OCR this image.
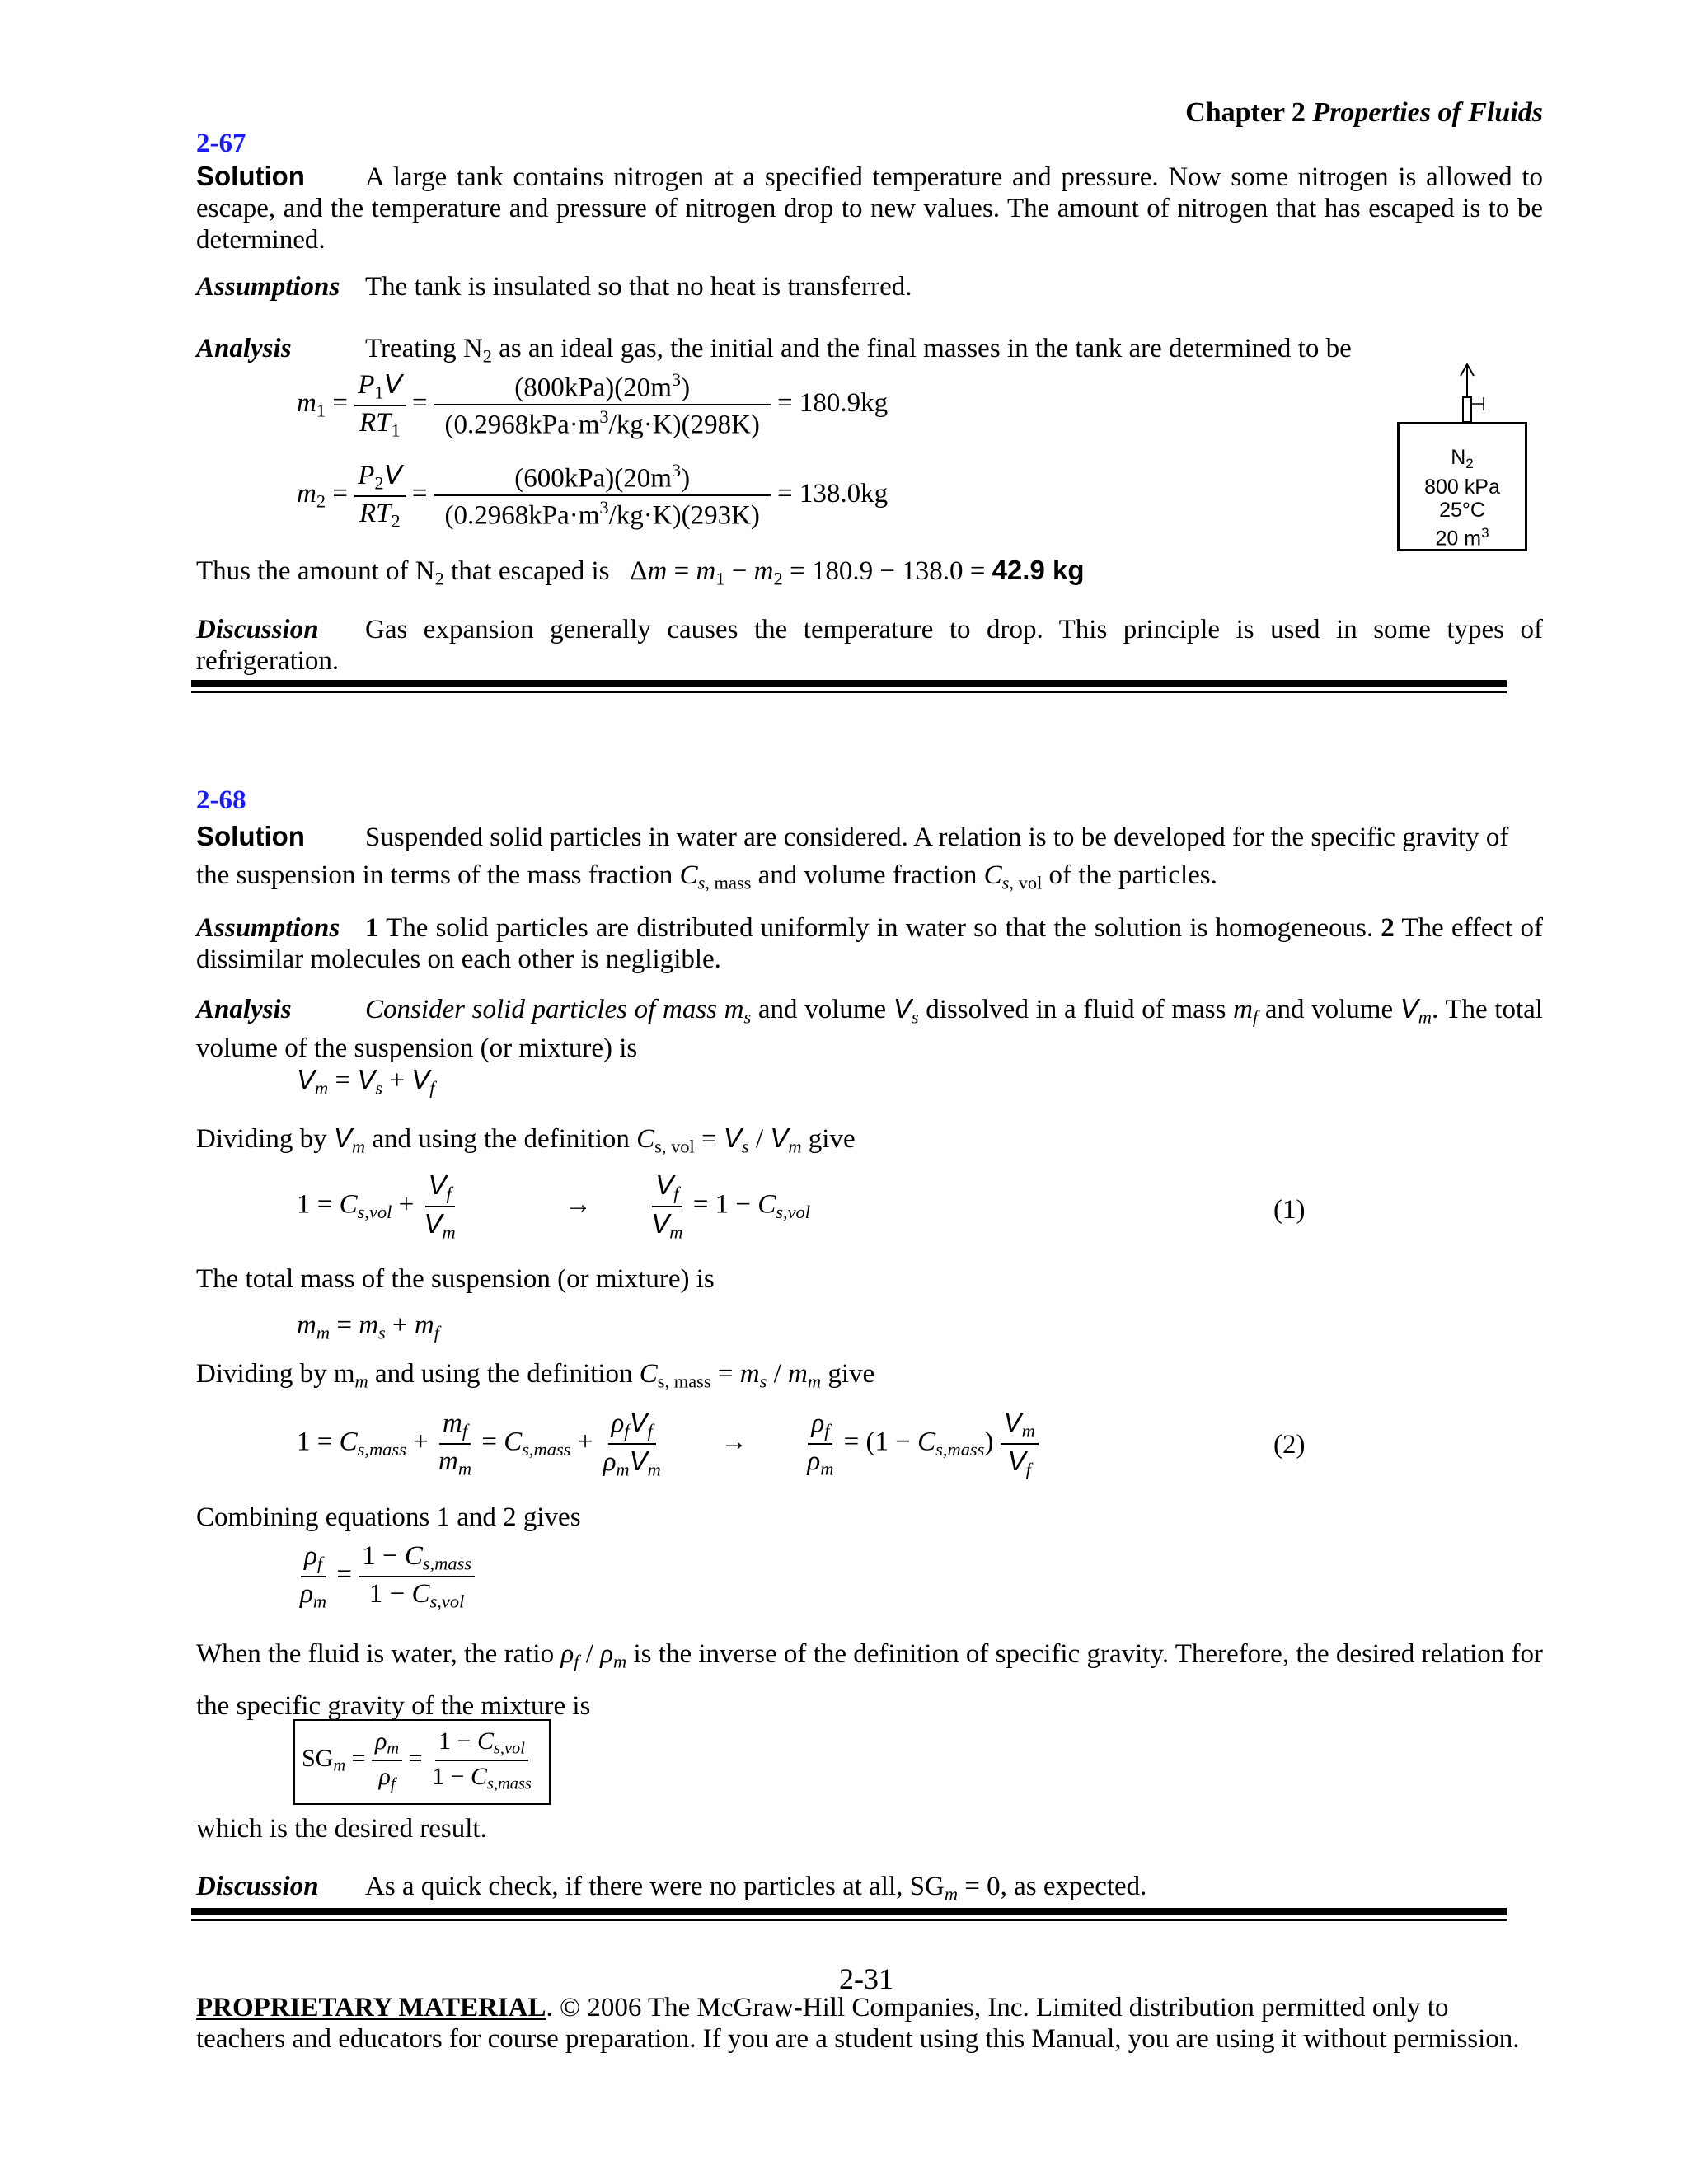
Chapter 2 Properties of Fluids
2-67
Solution A large tank contains nitrogen at a specified temperature and pressure. Now some nitrogen is allowed to escape, and the temperature and pressure of nitrogen drop to new values. The amount of nitrogen that has escaped is to be determined.
Assumptions The tank is insulated so that no heat is transferred.
Analysis	Treating $N_2$ as an ideal gas, the initial and the final masses in the tank are determined to be
$m_1 = \frac{P_1V}{RT_1} = \frac{(800kPa)(20m^3)}{(0.2968kPa\cdot m^3/kg\cdot K)(298K)} = 180.9kg$
$m_2 = \frac{P_2V}{RT_2} = \frac{(600kPa)(20m^3)}{(0.2968kPa\cdot m^3/kg\cdot K)(293K)} = 138.0kg$
Thus the amount of $N_2$ that escaped is   $\Delta m = m_1 - m_2 = 180.9 - 138.0 = 42.9$ kg
$N_2$
800 kPa
25°C
20 $m^3$
Discussion Gas expansion generally causes the temperature to drop. This principle is used in some types of refrigeration.
2-68
Solution Suspended solid particles in water are considered. A relation is to be developed for the specific gravity of the suspension in terms of the mass fraction $C_{s, mass}$ and volume fraction $C_{s, vol}$ of the particles.
Assumptions 1 The solid particles are distributed uniformly in water so that the solution is homogeneous. 2 The effect of dissimilar molecules on each other is negligible.
Analysis	Consider solid particles of mass $m_s$ and volume $V_s$ dissolved in a fluid of mass $m_f$ and volume $V_m$. The total volume of the suspension (or mixture) is
$V_m = V_s + V_f$
Dividing by $V_m$ and using the definition $C_{s, vol} = V_s / V_m$ give
$1 = C_{s,vol} + \frac{V_f}{V_m}$	→ $\frac{V_f}{V_m} = 1 - C_{s,vol}$	(1)
The total mass of the suspension (or mixture) is
$m_m = m_s + m_f$
Dividing by $m_m$ and using the definition $C_{s, mass} = m_s / m_m$ give
$1 = C_{s,mass} + \frac{m_f}{m_m} = C_{s,mass} + \frac{\rho_fV_f}{\rho_mV_m} \to \frac{\rho_f}{\rho_m} = (1 - C_{s,mass}) \frac{V_m}{V_f}$	(2)
Combining equations 1 and 2 gives
$\frac{\rho_f}{\rho_m} = \frac{1 - C_{s,mass}}{1 - C_{s,vol}}$
When the fluid is water, the ratio $\rho_f / \rho_m$ is the inverse of the definition of specific gravity. Therefore, the desired relation for the specific gravity of the mixture is
$SG_m = \frac{\rho_m}{\rho_f} = \frac{1 - C_{s,vol}}{1 - C_{s,mass}}$
which is the desired result.
Discussion As a quick check, if there were no particles at all, $SG_m = 0$, as expected.
2-31
PROPRIETARY MATERIAL. © 2006 The McGraw-Hill Companies, Inc. Limited distribution permitted only to
teachers and educators for course preparation. If you are a student using this Manual, you are using it without permission.
